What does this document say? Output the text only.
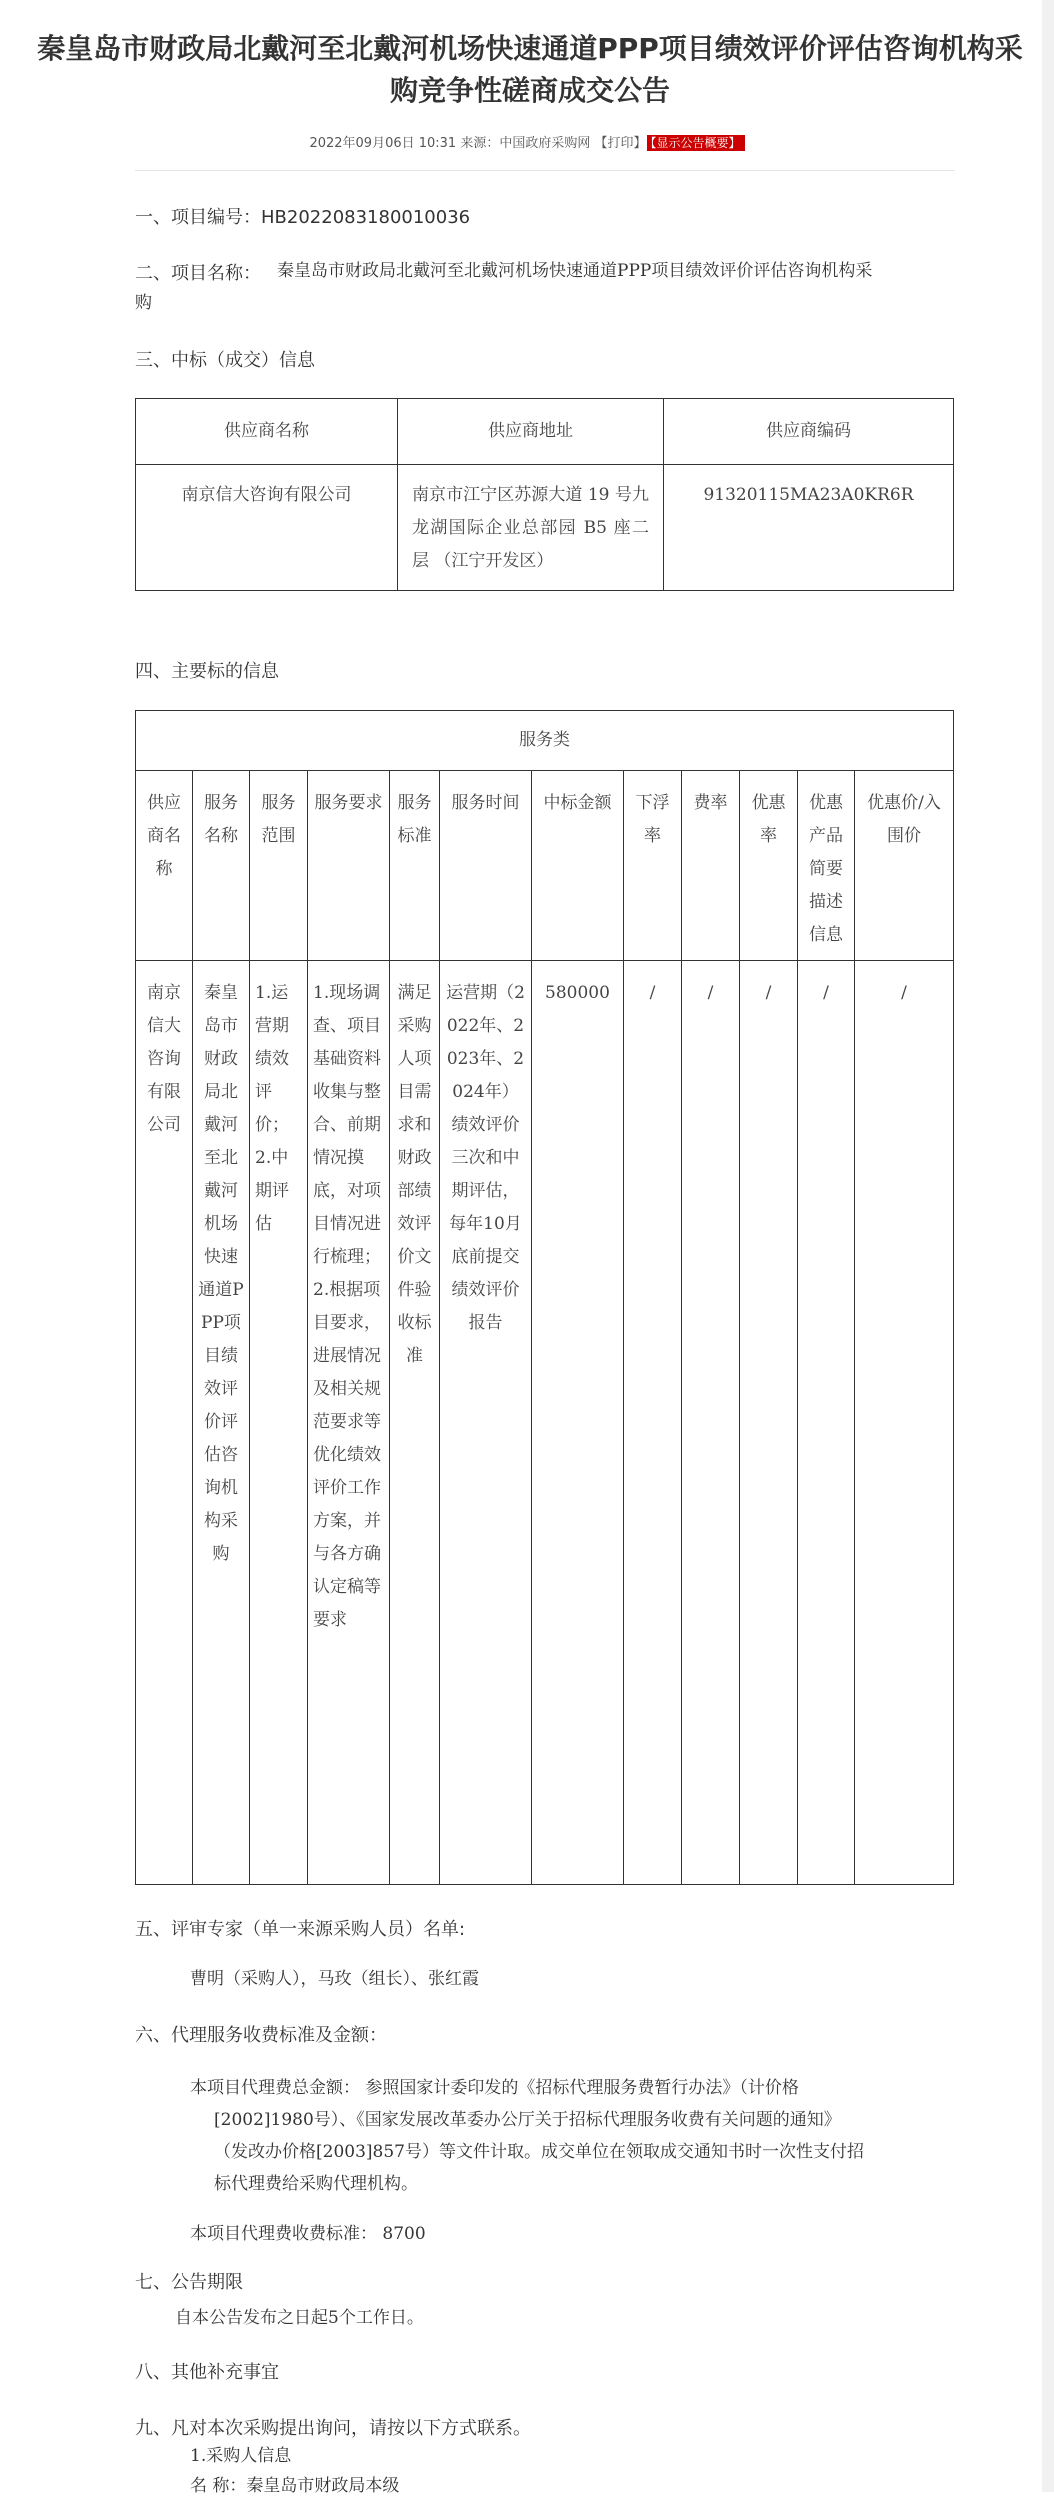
秦皇岛市财政局北戴河至北戴河机场快速通道PPP项目绩效评价评估咨询机构采购竞争性磋商成交公告
2022年09月06日 10:31 来源：中国政府采购网 【打印】 【显示公告概要】
一、项目编号：HB2022083180010036
二、项目名称： 秦皇岛市财政局北戴河至北戴河机场快速通道PPP项目绩效评价评估咨询机构采
购
三、中标（成交）信息
供应商名称	供应商地址	供应商编码
南京信大咨询有限公司	南京市江宁区苏源大道 19 号九 龙湖国际企业总部园 B5 座二层 （江宁开发区）	91320115MA23A0KR6R
四、主要标的信息
服务类											
供应商名称	服务名称	服务范围	服务要求	服务标准	服务时间	中标金额	下浮率	费率	优惠率	优惠产品简要描述信息	优惠价/入围价
南京信大咨询有限公司	秦皇岛市财政局北戴河至北戴河机场快速通道PPP项目绩效评价评估咨询机构采购	1.运营期绩效评价；2.中期评估	1.现场调查、项目基础资料收集与整合、前期情况摸底，对项目情况进行梳理；2.根据项目要求，进展情况及相关规范要求等优化绩效评价工作方案，并与各方确认定稿等要求	满足采购人项目需求和财政部绩效评价文件验收标准	运营期（2022年、2023年、2024年）绩效评价三次和中期评估，每年10月底前提交绩效评价报告	580000	/	/	/	/	/
五、评审专家（单一来源采购人员）名单:
曹明（采购人），马玫（组长）、张红霞
六、代理服务收费标准及金额：
本项目代理费总金额： 参照国家计委印发的《招标代理服务费暂行办法》（计价格
[2002]1980号）、《国家发展改革委办公厅关于招标代理服务收费有关问题的通知》
（发改办价格[2003]857号）等文件计取。成交单位在领取成交通知书时一次性支付招
标代理费给采购代理机构。
本项目代理费收费标准： 8700
七、公告期限
自本公告发布之日起5个工作日。
八、其他补充事宜
九、凡对本次采购提出询问，请按以下方式联系。
1.采购人信息
名 称：秦皇岛市财政局本级
